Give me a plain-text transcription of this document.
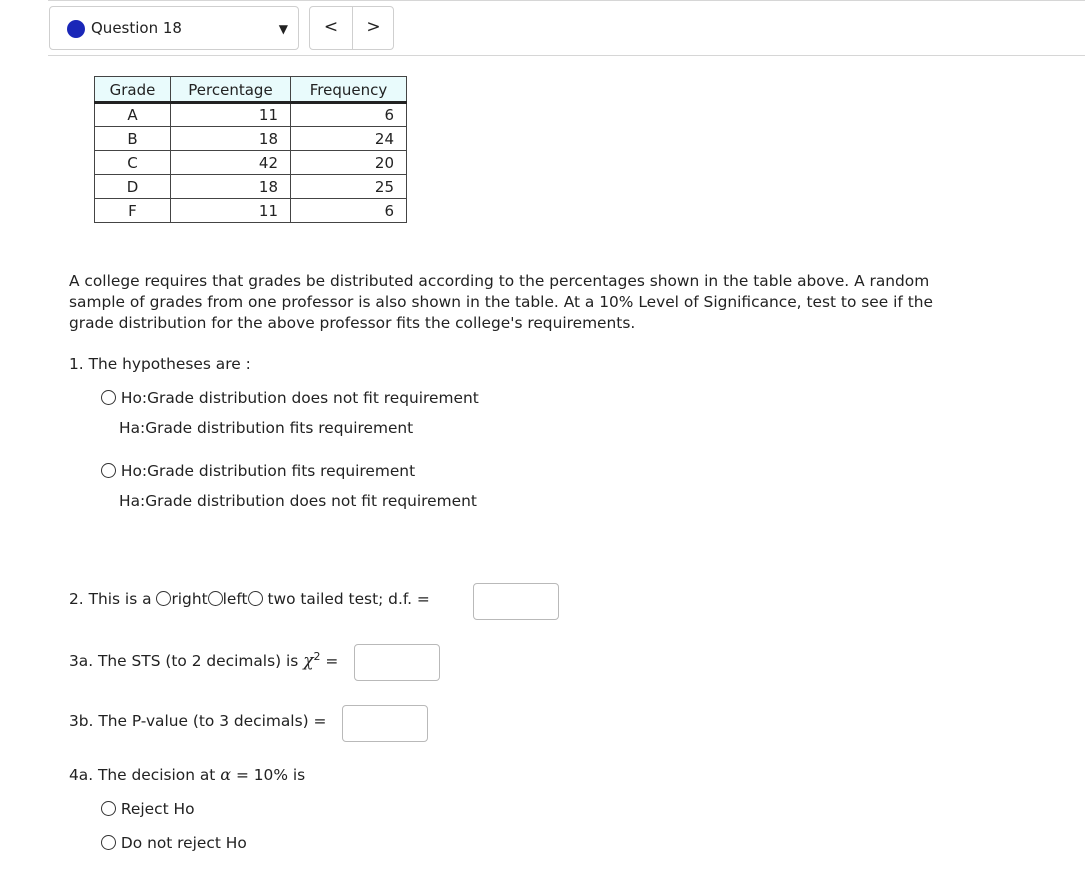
Question 18	▼	<	>
Grade	Percentage	Frequency
A	11	6
B	18	24
C	42	20
D	18	25
F	11	6

A college requires that grades be distributed according to the percentages shown in the table above. A random sample of grades from one professor is also shown in the table. At a 10% Level of Significance, test to see if the grade distribution for the above professor fits the college's requirements.

1. The hypotheses are :
Ho:Grade distribution does not fit requirement
Ha:Grade distribution fits requirement
Ho:Grade distribution fits requirement
Ha:Grade distribution does not fit requirement
2. This is a right left two tailed test; d.f. =
3a. The STS (to 2 decimals) is $\chi^2$ =
3b. The P-value (to 3 decimals) =
4a. The decision at α = 10% is
Reject Ho
Do not reject Ho
